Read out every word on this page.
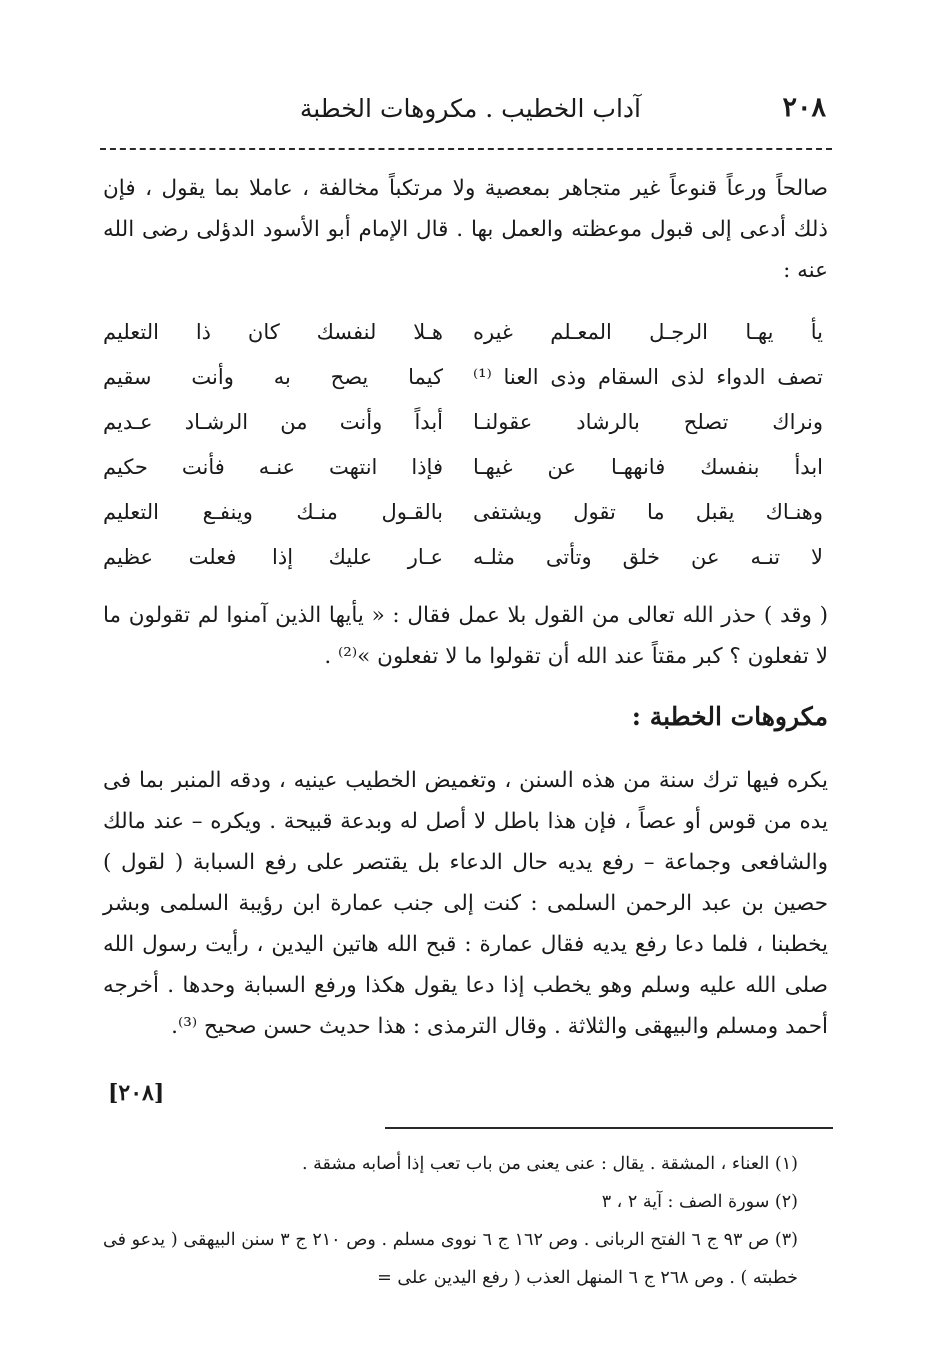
٢٠٨
آداب الخطيب . مكروهات الخطبة
صالحاً ورعاً قنوعاً غير متجاهر بمعصية ولا مرتكباً مخالفة ، عاملا بما يقول ، فإن ذلك أدعى إلى قبول موعظته والعمل بها . قال الإمام أبو الأسود الدؤلى رضى الله عنه :
يأ يهـا الرجـل المعـلم غيره
هـلا لنفسك كان ذا التعليم
تصف الدواء لذى السقام وذى العنا ⁽¹⁾
كيما يصح به وأنت سقيم
ونراك تصلح بالرشاد عقولنـا
أبداً وأنت من الرشـاد عـديم
ابدأ بنفسك فانههـا عن غيهـا
فإذا انتهت عنـه فأنت حكيم
وهنـاك يقبل ما تقول ويشتفى
بالقـول منـك وينفـع التعليم
لا تنـه عن خلق وتأتى مثلـه
عـار عليك إذا فعلت عظيم
( وقد ) حذر الله تعالى من القول بلا عمل فقال : « يأيها الذين آمنوا لم تقولون ما لا تفعلون ؟ كبر مقتاً عند الله أن تقولوا ما لا تفعلون »⁽²⁾ .
مكروهات الخطبة :
يكره فيها ترك سنة من هذه السنن ، وتغميض الخطيب عينيه ، ودقه المنبر بما فى يده من قوس أو عصاً ، فإن هذا باطل لا أصل له وبدعة قبيحة . ويكره – عند مالك والشافعى وجماعة – رفع يديه حال الدعاء بل يقتصر على رفع السبابة ( لقول ) حصين بن عبد الرحمن السلمى : كنت إلى جنب عمارة ابن رؤيبة السلمى وبشر يخطبنا ، فلما دعا رفع يديه فقال عمارة : قبح الله هاتين اليدين ، رأيت رسول الله صلى الله عليه وسلم وهو يخطب إذا دعا يقول هكذا ورفع السبابة وحدها . أخرجه أحمد ومسلم والبيهقى والثلاثة . وقال الترمذى : هذا حديث حسن صحيح ⁽³⁾.
[٢٠٨]
(١) العناء ، المشقة . يقال : عنى يعنى من باب تعب إذا أصابه مشقة .
(٢) سورة الصف : آية ٢ ، ٣
(٣) ص ٩٣ ج ٦ الفتح الربانى . وص ١٦٢ ج ٦ نووى مسلم . وص ٢١٠ ج ٣ سنن البيهقى ( يدعو فى خطبته ) . وص ٢٦٨ ج ٦ المنهل العذب ( رفع اليدين على =
